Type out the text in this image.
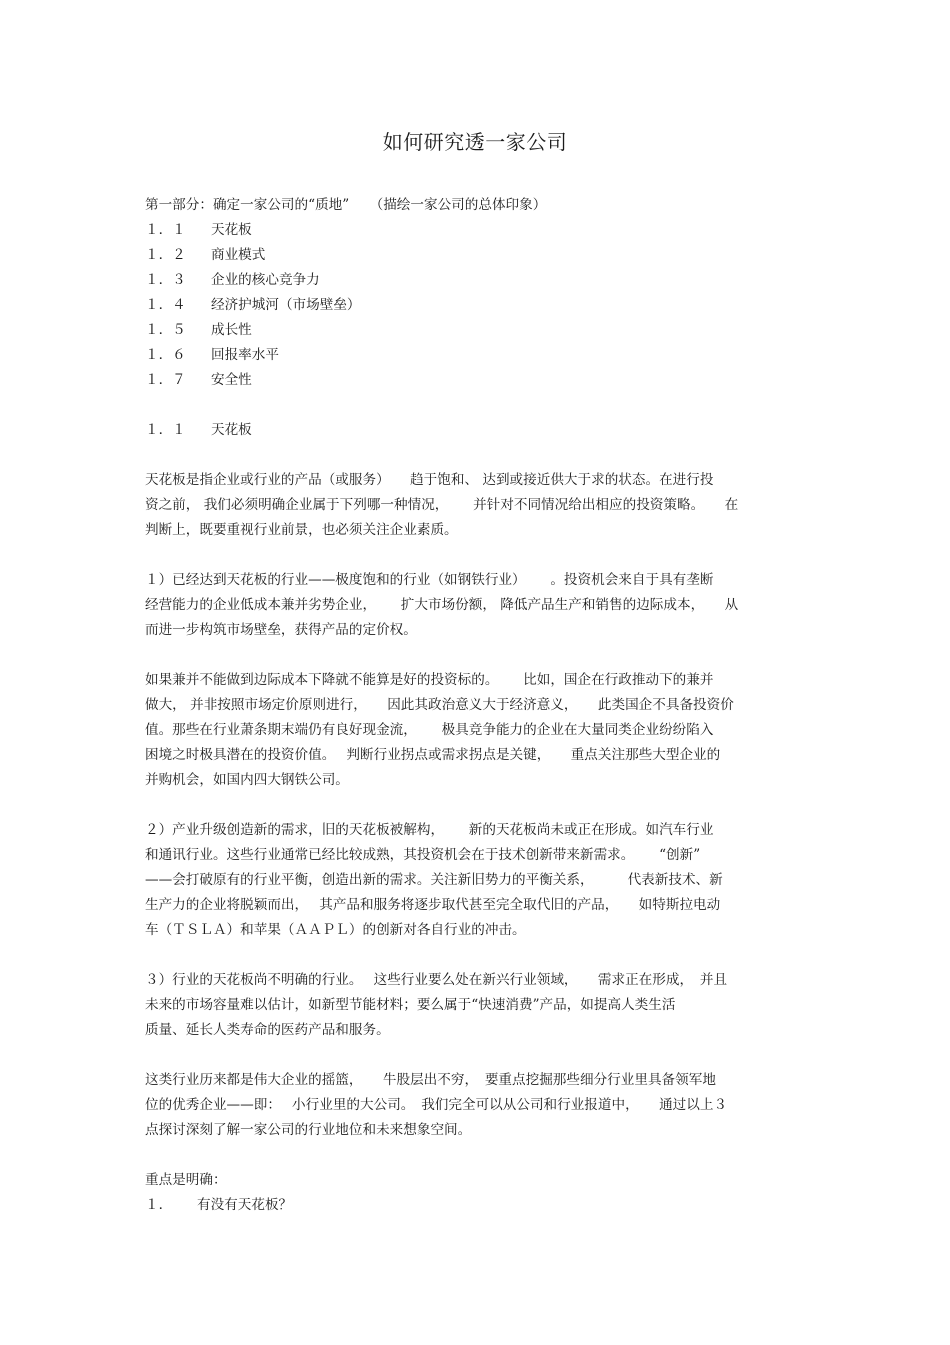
如何研究透一家公司
第一部分：确定一家公司的“质地”　　（描绘一家公司的总体印象）
１．１	天花板
１．２	商业模式
１．３	企业的核心竞争力
１．４	经济护城河（市场壁垒）
１．５	成长性
１．６	回报率水平
１．７	安全性
１．１	天花板
天花板是指企业或行业的产品（或服务）　　趋于饱和、 达到或接近供大于求的状态。在进行投
资之前， 我们必须明确企业属于下列哪一种情况，　　 并针对不同情况给出相应的投资策略。　　在
判断上，既要重视行业前景，也必须关注企业素质。
１）已经达到天花板的行业——极度饱和的行业（如钢铁行业）　　 。投资机会来自于具有垄断
经营能力的企业低成本兼并劣势企业，　　 扩大市场份额， 降低产品生产和销售的边际成本，　　从
而进一步构筑市场壁垒，获得产品的定价权。
如果兼并不能做到边际成本下降就不能算是好的投资标的。　　 比如，国企在行政推动下的兼并
做大， 并非按照市场定价原则进行，　　因此其政治意义大于经济意义，　　此类国企不具备投资价
值。那些在行业萧条期末端仍有良好现金流，　　 极具竞争能力的企业在大量同类企业纷纷陷入
困境之时极具潜在的投资价值。　 判断行业拐点或需求拐点是关键，　　重点关注那些大型企业的
并购机会，如国内四大钢铁公司。
２）产业升级创造新的需求，旧的天花板被解构，　　 新的天花板尚未或正在形成。如汽车行业
和通讯行业。这些行业通常已经比较成熟，其投资机会在于技术创新带来新需求。　　 “创新”
——会打破原有的行业平衡，创造出新的需求。关注新旧势力的平衡关系，　　　代表新技术、新
生产力的企业将脱颖而出，　 其产品和服务将逐步取代甚至完全取代旧的产品，　　如特斯拉电动
车（ＴＳＬＡ）和苹果（ＡＡＰＬ）的创新对各自行业的冲击。
３）行业的天花板尚不明确的行业。　 这些行业要么处在新兴行业领域，　　需求正在形成，　并且
未来的市场容量难以估计，如新型节能材料；要么属于“快速消费”产品，如提高人类生活
质量、延长人类寿命的医药产品和服务。
这类行业历来都是伟大企业的摇篮，　　牛股层出不穷，　要重点挖掘那些细分行业里具备领军地
位的优秀企业——即：　 小行业里的大公司。　我们完全可以从公司和行业报道中，　　通过以上３
点探讨深刻了解一家公司的行业地位和未来想象空间。
重点是明确：
１．	有没有天花板？
